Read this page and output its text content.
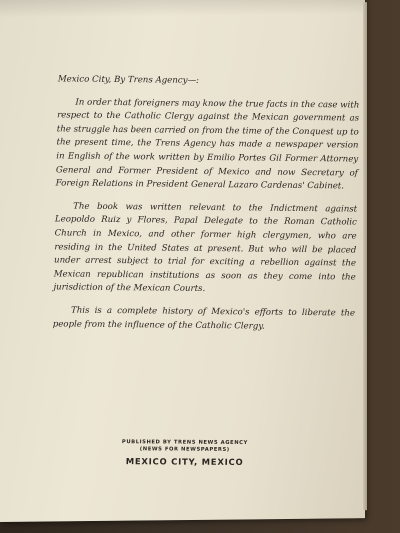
Mexico City, By Trens Agency—:

In order that foreigners may know the true facts in the case with respect to the Catholic Clergy against the Mexican government as the struggle has been carried on from the time of the Conquest up to the present time, the Trens Agency has made a newspaper version in English of the work written by Emilio Portes Gil Former Attorney General and Former President of Mexico and now Secretary of Foreign Relations in President General Lazaro Cardenas' Cabinet.

The book was written relevant to the Indictment against Leopoldo Ruiz y Flores, Papal Delegate to the Roman Catholic Church in Mexico, and other former high clergymen, who are residing in the United States at present. But who will be placed under arrest subject to trial for exciting a rebellion against the Mexican republican institutions as soon as they come into the jurisdiction of the Mexican Courts.

This is a complete history of Mexico's efforts to liberate the people from the influence of the Catholic Clergy.

PUBLISHED BY TRENS NEWS AGENCY
(NEWS FOR NEWSPAPERS)
MEXICO CITY, MEXICO
